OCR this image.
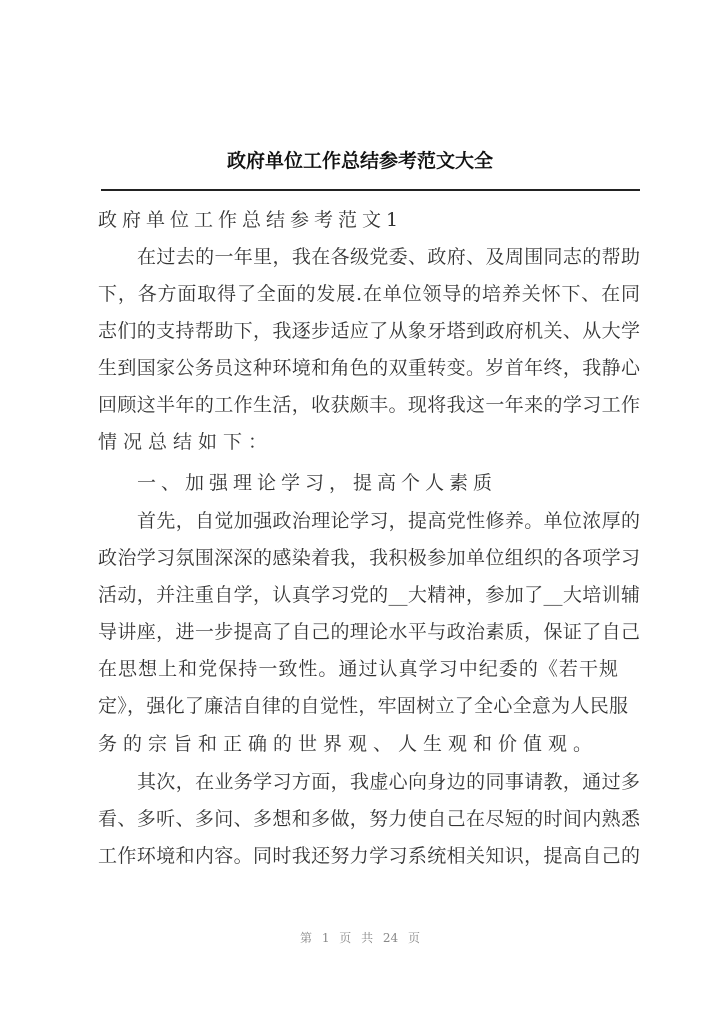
政府单位工作总结参考范文大全
政府单位工作总结参考范文1
在过去的一年里，我在各级党委、政府、及周围同志的帮助
下，各方面取得了全面的发展.在单位领导的培养关怀下、在同
志们的支持帮助下，我逐步适应了从象牙塔到政府机关、从大学
生到国家公务员这种环境和角色的双重转变。岁首年终，我静心
回顾这半年的工作生活，收获颇丰。现将我这一年来的学习工作
情况总结如下：
一、加强理论学习，提高个人素质
首先，自觉加强政治理论学习，提高党性修养。单位浓厚的
政治学习氛围深深的感染着我，我积极参加单位组织的各项学习
活动，并注重自学，认真学习党的__大精神，参加了__大培训辅
导讲座，进一步提高了自己的理论水平与政治素质，保证了自己
在思想上和党保持一致性。通过认真学习中纪委的《若干规
定》，强化了廉洁自律的自觉性，牢固树立了全心全意为人民服
务的宗旨和正确的世界观、人生观和价值观。
其次，在业务学习方面，我虚心向身边的同事请教，通过多
看、多听、多问、多想和多做，努力使自己在尽短的时间内熟悉
工作环境和内容。同时我还努力学习系统相关知识，提高自己的
第 1 页 共 24 页
